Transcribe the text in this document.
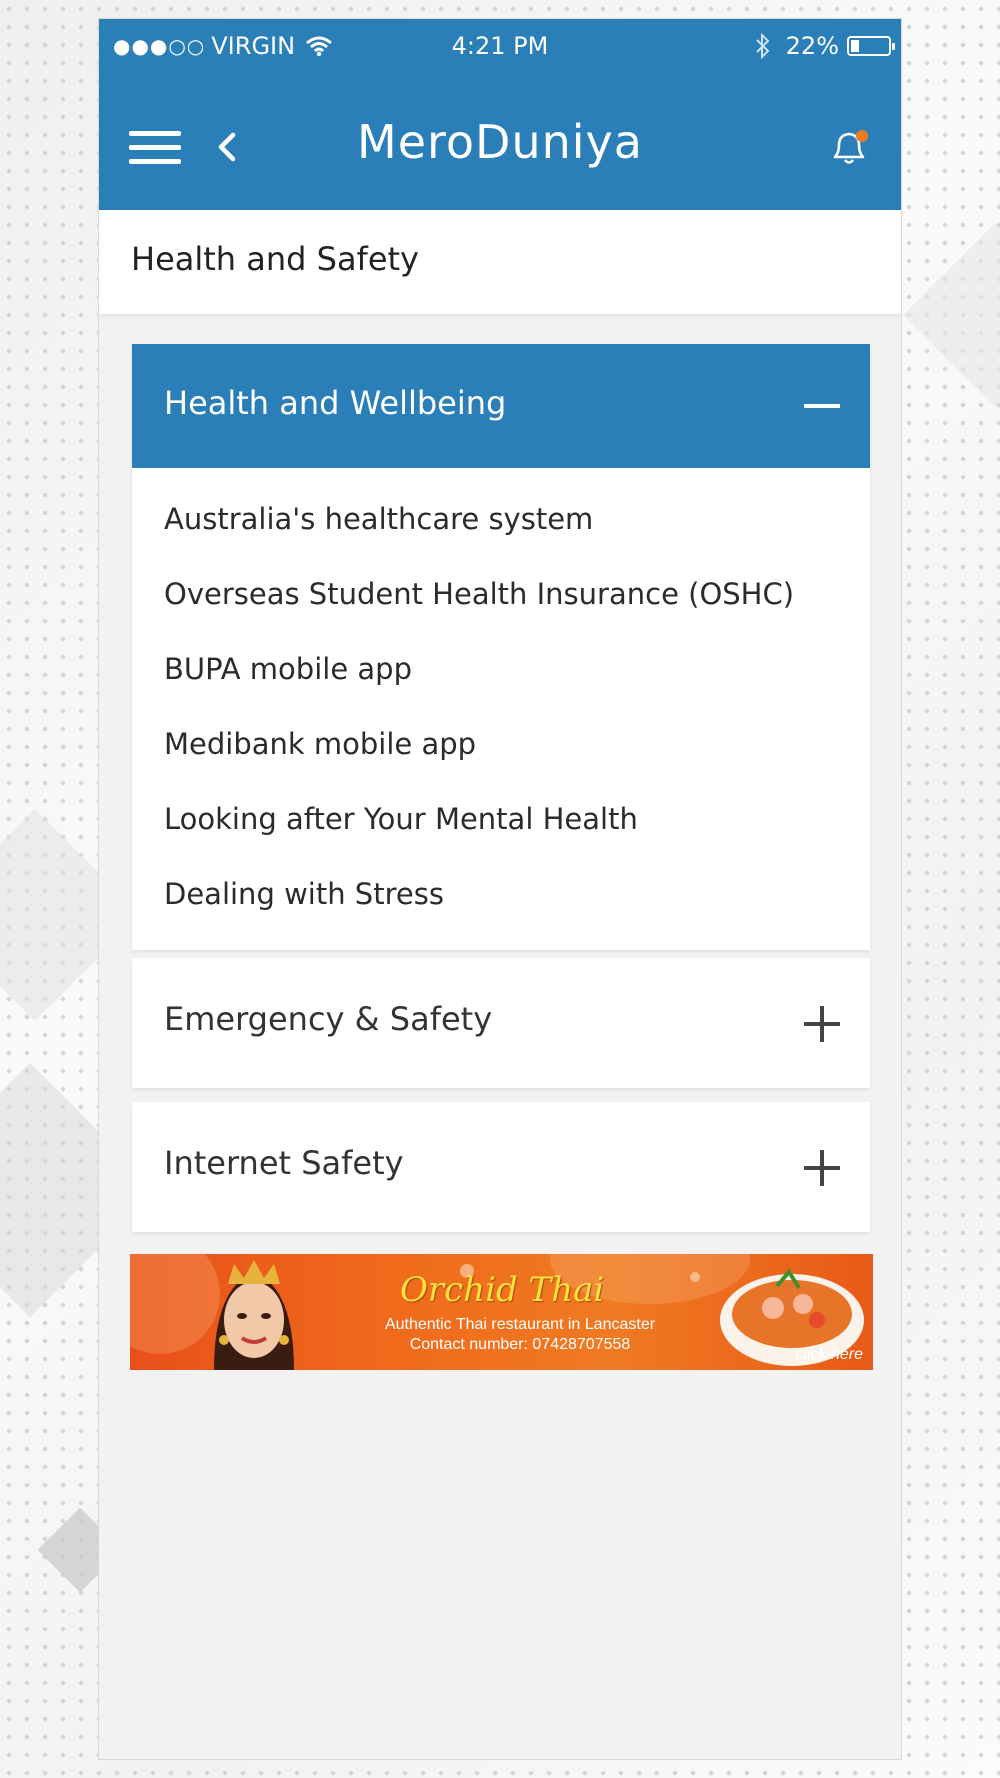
●●●○○ VIRGIN	4:21 PM	22%
MeroDuniya
Health and Safety
Health and Wellbeing
Australia's healthcare system
Overseas Student Health Insurance (OSHC)
BUPA mobile app
Medibank mobile app
Looking after Your Mental Health
Dealing with Stress
Emergency & Safety
Internet Safety
Orchid Thai
Authentic Thai restaurant in Lancaster
Contact number: 07428707558
click here
